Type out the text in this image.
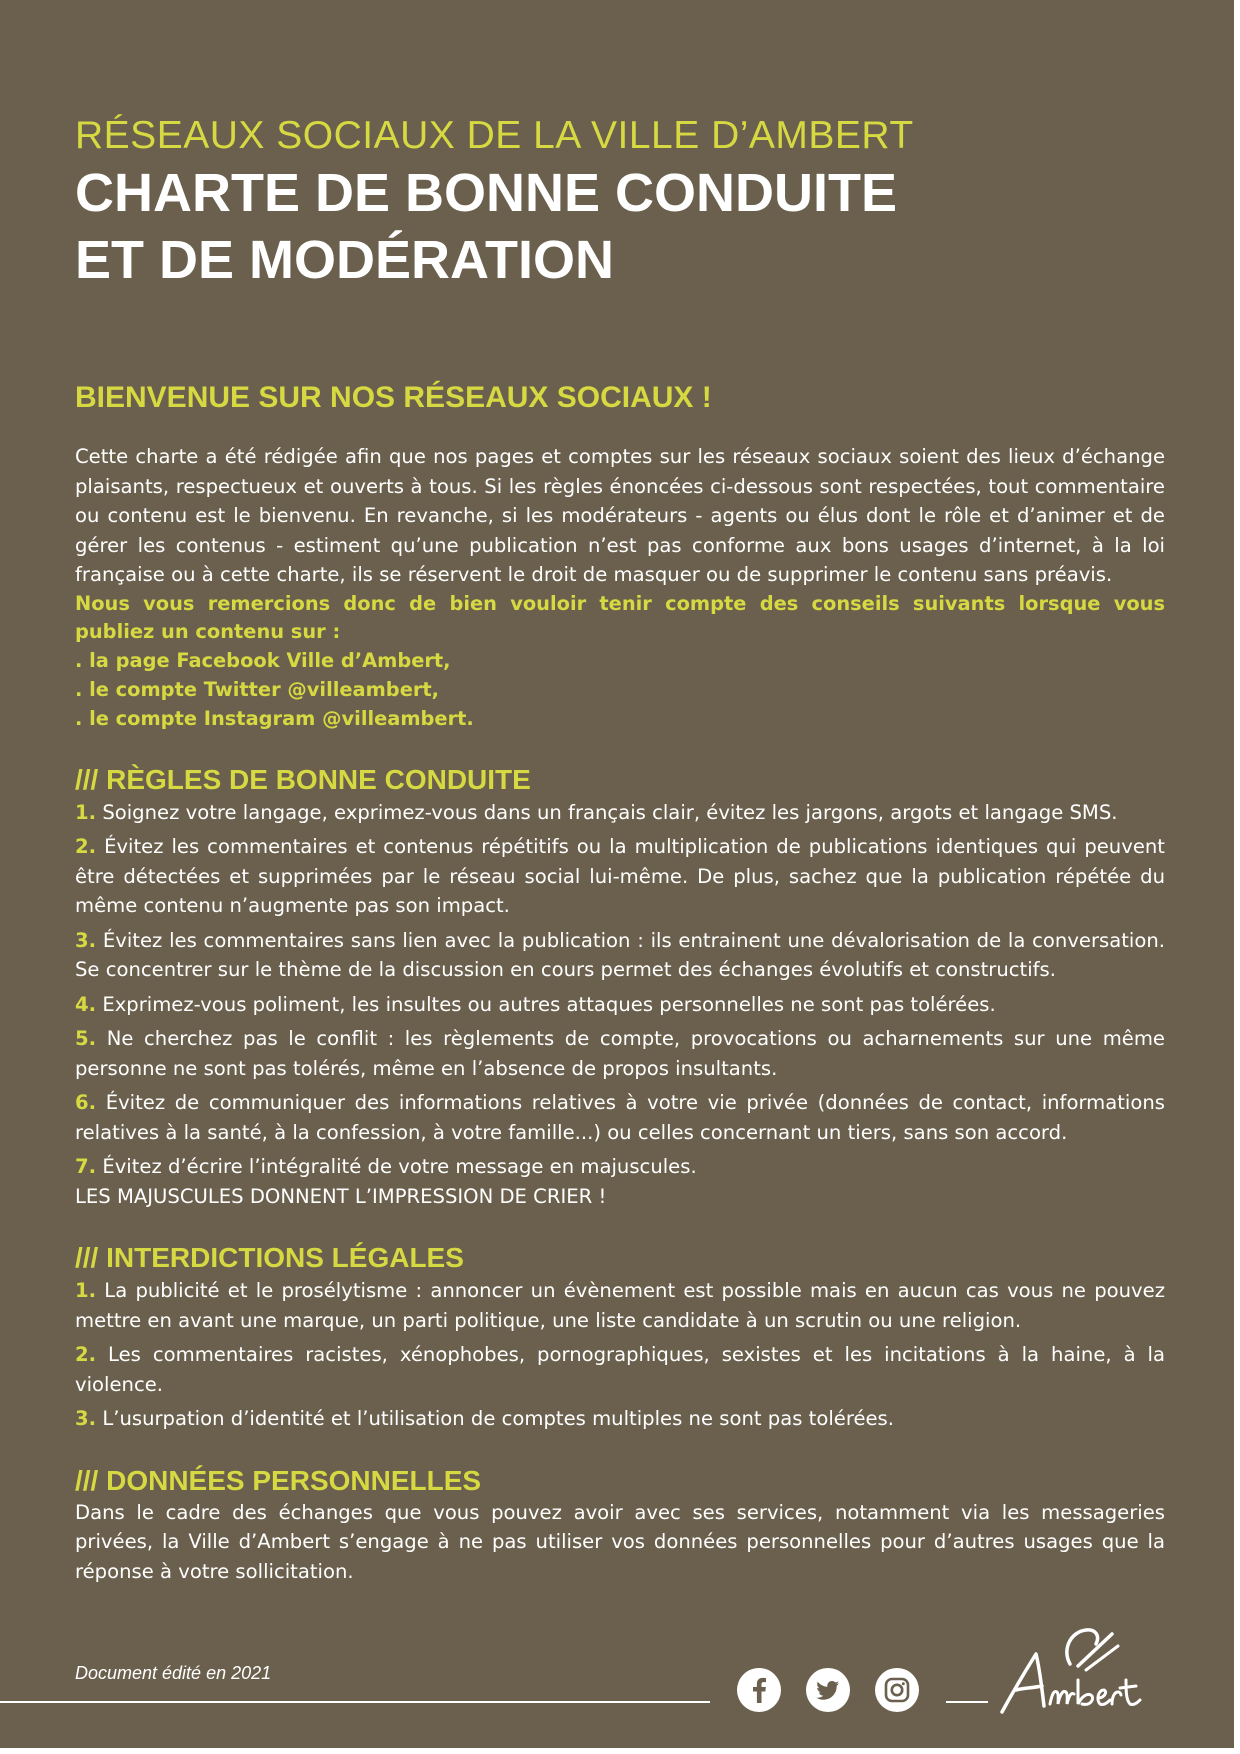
RÉSEAUX SOCIAUX DE LA VILLE D’AMBERT

CHARTE DE BONNE CONDUITE
ET DE MODÉRATION
BIENVENUE SUR NOS RÉSEAUX SOCIAUX !

Cette charte a été rédigée afin que nos pages et comptes sur les réseaux sociaux soient des lieux d’échange plaisants, respectueux et ouverts à tous. Si les règles énoncées ci-dessous sont respectées, tout commentaire ou contenu est le bienvenu. En revanche, si les modérateurs - agents ou élus dont le rôle et d’animer et de gérer les contenus - estiment qu’une publication n’est pas conforme aux bons usages d’internet, à la loi française ou à cette charte, ils se réservent le droit de masquer ou de supprimer le contenu sans préavis.

Nous vous remercions donc de bien vouloir tenir compte des conseils suivants lorsque vous publiez un contenu sur :

. la page Facebook Ville d’Ambert,
. le compte Twitter @villeambert,
. le compte Instagram @villeambert.
/// RÈGLES DE BONNE CONDUITE
1. Soignez votre langage, exprimez-vous dans un français clair, évitez les jargons, argots et langage SMS.
2. Évitez les commentaires et contenus répétitifs ou la multiplication de publications identiques qui peuvent être détectées et supprimées par le réseau social lui-même. De plus, sachez que la publication répétée du même contenu n’augmente pas son impact.
3. Évitez les commentaires sans lien avec la publication : ils entrainent une dévalorisation de la conversation. Se concentrer sur le thème de la discussion en cours permet des échanges évolutifs et constructifs.
4. Exprimez-vous poliment, les insultes ou autres attaques personnelles ne sont pas tolérées.
5. Ne cherchez pas le conflit : les règlements de compte, provocations ou acharnements sur une même personne ne sont pas tolérés, même en l’absence de propos insultants.
6. Évitez de communiquer des informations relatives à votre vie privée (données de contact, informations relatives à la santé, à la confession, à votre famille...) ou celles concernant un tiers, sans son accord.
7. Évitez d’écrire l’intégralité de votre message en majuscules.
LES MAJUSCULES DONNENT L’IMPRESSION DE CRIER !
/// INTERDICTIONS LÉGALES
1. La publicité et le prosélytisme : annoncer un évènement est possible mais en aucun cas vous ne pouvez mettre en avant une marque, un parti politique, une liste candidate à un scrutin ou une religion.
2. Les commentaires racistes, xénophobes, pornographiques, sexistes et les incitations à la haine, à la violence.
3. L’usurpation d’identité et l’utilisation de comptes multiples ne sont pas tolérées.
/// DONNÉES PERSONNELLES

Dans le cadre des échanges que vous pouvez avoir avec ses services, notamment via les messageries privées, la Ville d’Ambert s’engage à ne pas utiliser vos données personnelles pour d’autres usages que la réponse à votre sollicitation.

Document édité en 2021
